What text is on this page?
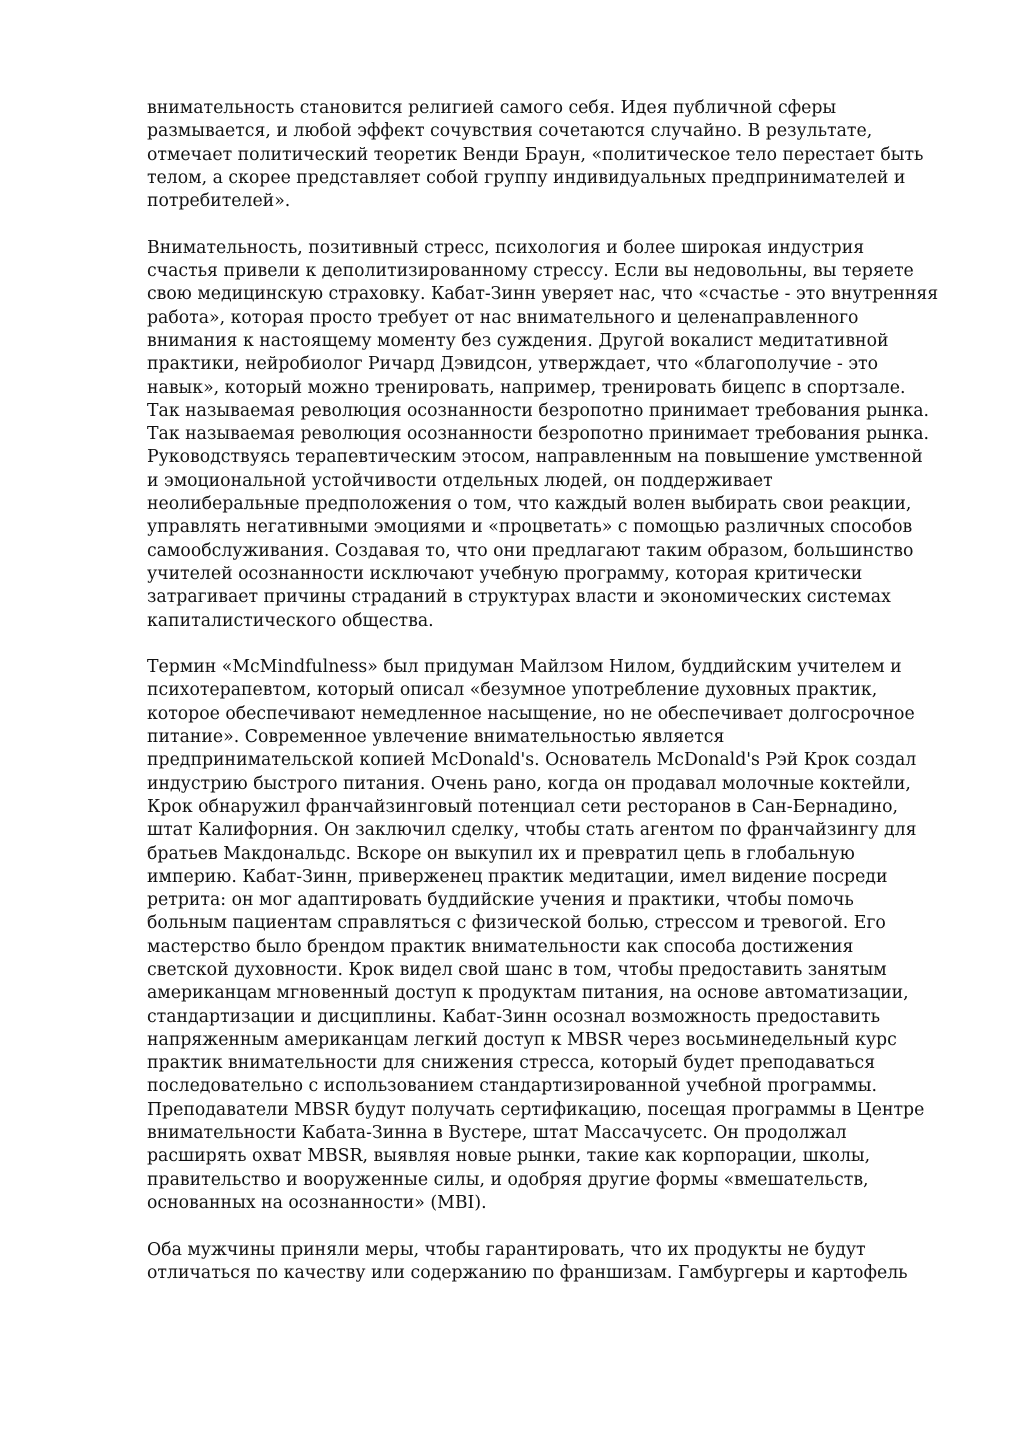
внимательность становится религией самого себя. Идея публичной сферы
размывается, и любой эффект сочувствия сочетаются случайно. В результате,
отмечает политический теоретик Венди Браун, «политическое тело перестает быть
телом, а скорее представляет собой группу индивидуальных предпринимателей и
потребителей».
Внимательность, позитивный стресс, психология и более широкая индустрия
счастья привели к деполитизированному стрессу. Если вы недовольны, вы теряете
свою медицинскую страховку. Кабат-Зинн уверяет нас, что «счастье - это внутренняя
работа», которая просто требует от нас внимательного и целенаправленного
внимания к настоящему моменту без суждения. Другой вокалист медитативной
практики, нейробиолог Ричард Дэвидсон, утверждает, что «благополучие - это
навык», который можно тренировать, например, тренировать бицепс в спортзале.
Так называемая революция осознанности безропотно принимает требования рынка.
Так называемая революция осознанности безропотно принимает требования рынка.
Руководствуясь терапевтическим этосом, направленным на повышение умственной
и эмоциональной устойчивости отдельных людей, он поддерживает
неолиберальные предположения о том, что каждый волен выбирать свои реакции,
управлять негативными эмоциями и «процветать» с помощью различных способов
самообслуживания. Создавая то, что они предлагают таким образом, большинство
учителей осознанности исключают учебную программу, которая критически
затрагивает причины страданий в структурах власти и экономических системах
капиталистического общества.
Термин «McMindfulness» был придуман Майлзом Нилом, буддийским учителем и
психотерапевтом, который описал «безумное употребление духовных практик,
которое обеспечивают немедленное насыщение, но не обеспечивает долгосрочное
питание». Современное увлечение внимательностью является
предпринимательской копией McDonald's. Основатель McDonald's Рэй Крок создал
индустрию быстрого питания. Очень рано, когда он продавал молочные коктейли,
Крок обнаружил франчайзинговый потенциал сети ресторанов в Сан-Бернадино,
штат Калифорния. Он заключил сделку, чтобы стать агентом по франчайзингу для
братьев Макдональдс. Вскоре он выкупил их и превратил цепь в глобальную
империю. Кабат-Зинн, приверженец практик медитации, имел видение посреди
ретрита: он мог адаптировать буддийские учения и практики, чтобы помочь
больным пациентам справляться с физической болью, стрессом и тревогой. Его
мастерство было брендом практик внимательности как способа достижения
светской духовности. Крок видел свой шанс в том, чтобы предоставить занятым
американцам мгновенный доступ к продуктам питания, на основе автоматизации,
стандартизации и дисциплины. Кабат-Зинн осознал возможность предоставить
напряженным американцам легкий доступ к MBSR через восьминедельный курс
практик внимательности для снижения стресса, который будет преподаваться
последовательно с использованием стандартизированной учебной программы.
Преподаватели MBSR будут получать сертификацию, посещая программы в Центре
внимательности Кабата-Зинна в Вустере, штат Массачусетс. Он продолжал
расширять охват MBSR, выявляя новые рынки, такие как корпорации, школы,
правительство и вооруженные силы, и одобряя другие формы «вмешательств,
основанных на осознанности» (MBI).
Оба мужчины приняли меры, чтобы гарантировать, что их продукты не будут
отличаться по качеству или содержанию по франшизам. Гамбургеры и картофель
